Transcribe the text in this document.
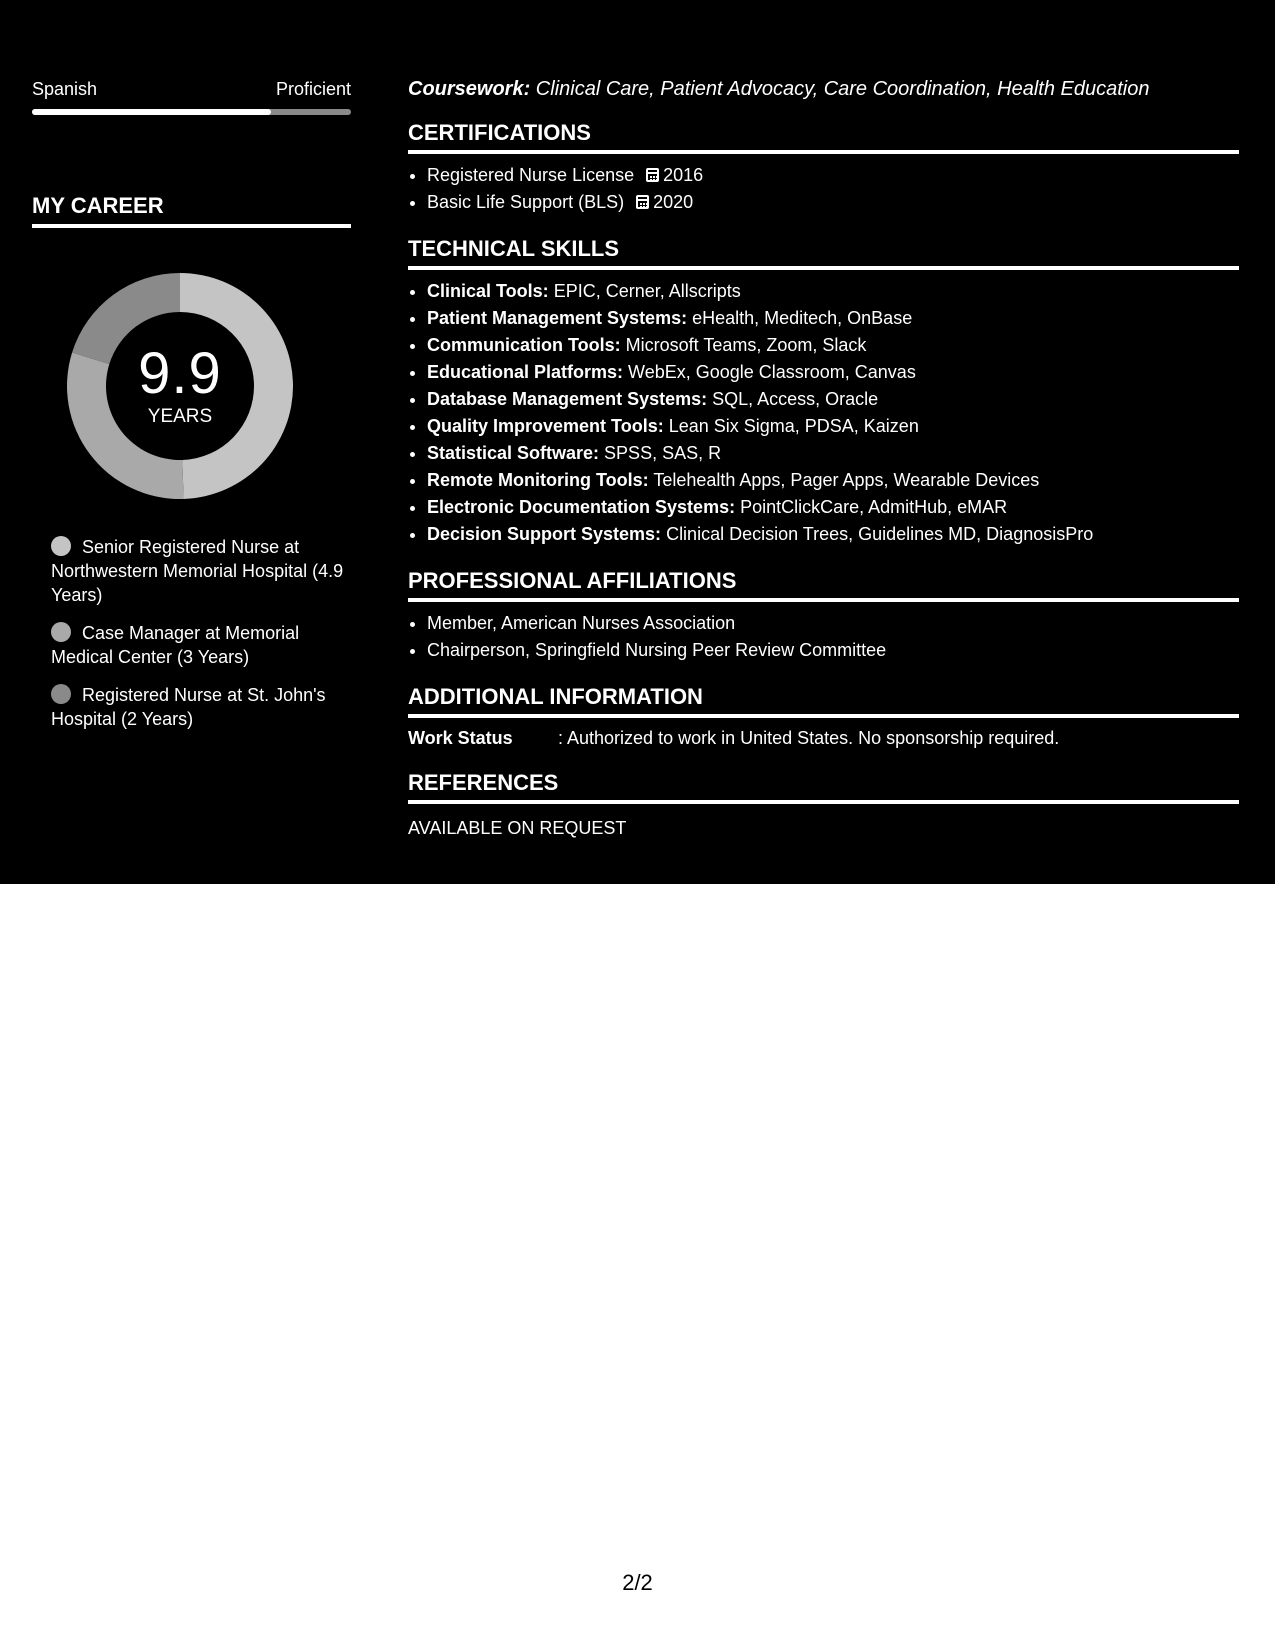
Spanish	Proficient
MY CAREER
9.9
YEARS
Senior Registered Nurse at Northwestern Memorial Hospital (4.9 Years)
Case Manager at Memorial Medical Center (3 Years)
Registered Nurse at St. John's Hospital (2 Years)
Coursework: Clinical Care, Patient Advocacy, Care Coordination, Health Education
CERTIFICATIONS
• Registered Nurse License 2016
• Basic Life Support (BLS) 2020
TECHNICAL SKILLS
• Clinical Tools: EPIC, Cerner, Allscripts
• Patient Management Systems: eHealth, Meditech, OnBase
• Communication Tools: Microsoft Teams, Zoom, Slack
• Educational Platforms: WebEx, Google Classroom, Canvas
• Database Management Systems: SQL, Access, Oracle
• Quality Improvement Tools: Lean Six Sigma, PDSA, Kaizen
• Statistical Software: SPSS, SAS, R
• Remote Monitoring Tools: Telehealth Apps, Pager Apps, Wearable Devices
• Electronic Documentation Systems: PointClickCare, AdmitHub, eMAR
• Decision Support Systems: Clinical Decision Trees, Guidelines MD, DiagnosisPro
PROFESSIONAL AFFILIATIONS
• Member, American Nurses Association
• Chairperson, Springfield Nursing Peer Review Committee
ADDITIONAL INFORMATION
Work Status	: Authorized to work in United States. No sponsorship required.
REFERENCES
AVAILABLE ON REQUEST
2/2
